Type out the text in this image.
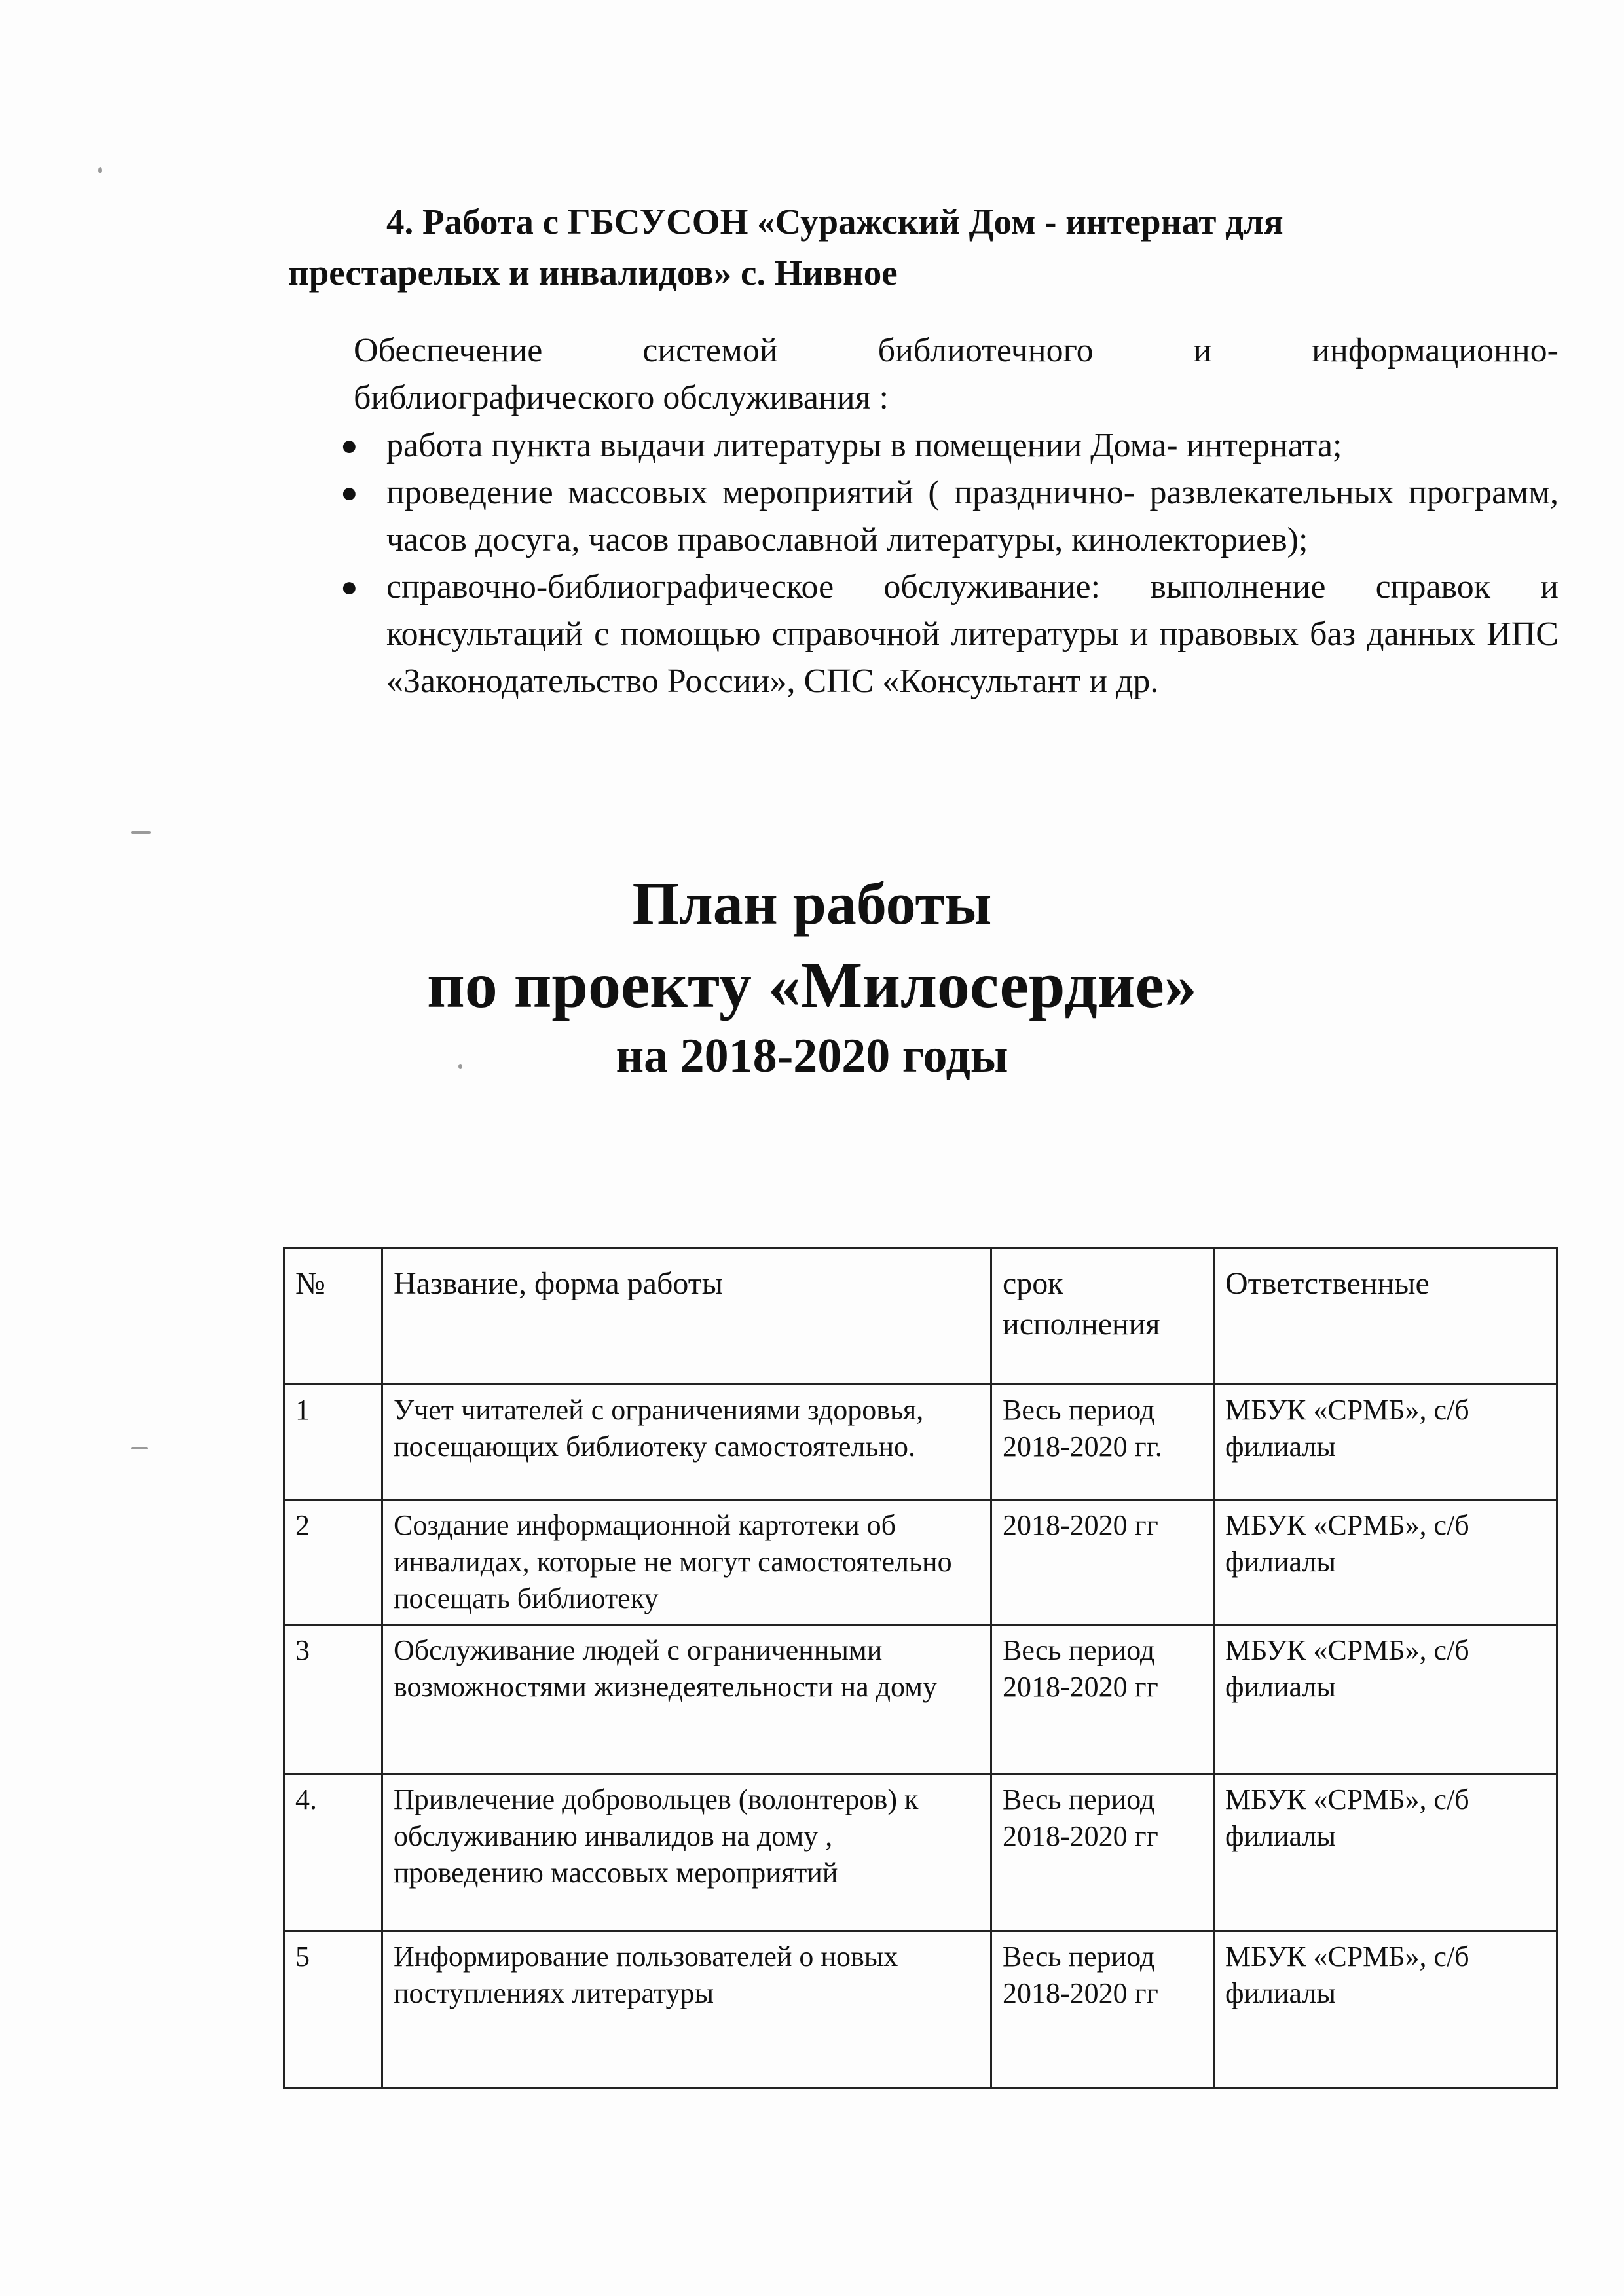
4. Работа с ГБСУСОН «Суражский Дом - интернат для
престарелых и инвалидов» с. Нивное
Обеспечение	системой	библиотечного	и	информационно-
библиографического обслуживания :
● работа пункта выдачи литературы в помещении Дома- интерната;
● проведение массовых мероприятий ( празднично- развлекательных программ, часов досуга, часов православной литературы, кинолекториев);
● справочно-библиографическое обслуживание: выполнение справок и консультаций с помощью справочной литературы и правовых баз данных ИПС «Законодательство России», СПС «Консультант и др.
План работы
по проекту «Милосердие»
на 2018-2020 годы
№	Название, форма работы	срок исполнения	Ответственные
1	Учет читателей с ограничениями здоровья, посещающих библиотеку самостоятельно.	Весь период 2018-2020 гг.	МБУК «СРМБ», с/б филиалы
2	Создание информационной картотеки об инвалидах, которые не могут самостоятельно посещать библиотеку	2018-2020 гг	МБУК «СРМБ», с/б филиалы
3	Обслуживание людей с ограниченными возможностями жизнедеятельности на дому	Весь период 2018-2020 гг	МБУК «СРМБ», с/б филиалы
4.	Привлечение добровольцев (волонтеров) к обслуживанию инвалидов на дому , проведению массовых мероприятий	Весь период 2018-2020 гг	МБУК «СРМБ», с/б филиалы
5	Информирование пользователей о новых поступлениях литературы	Весь период 2018-2020 гг	МБУК «СРМБ», с/б филиалы
